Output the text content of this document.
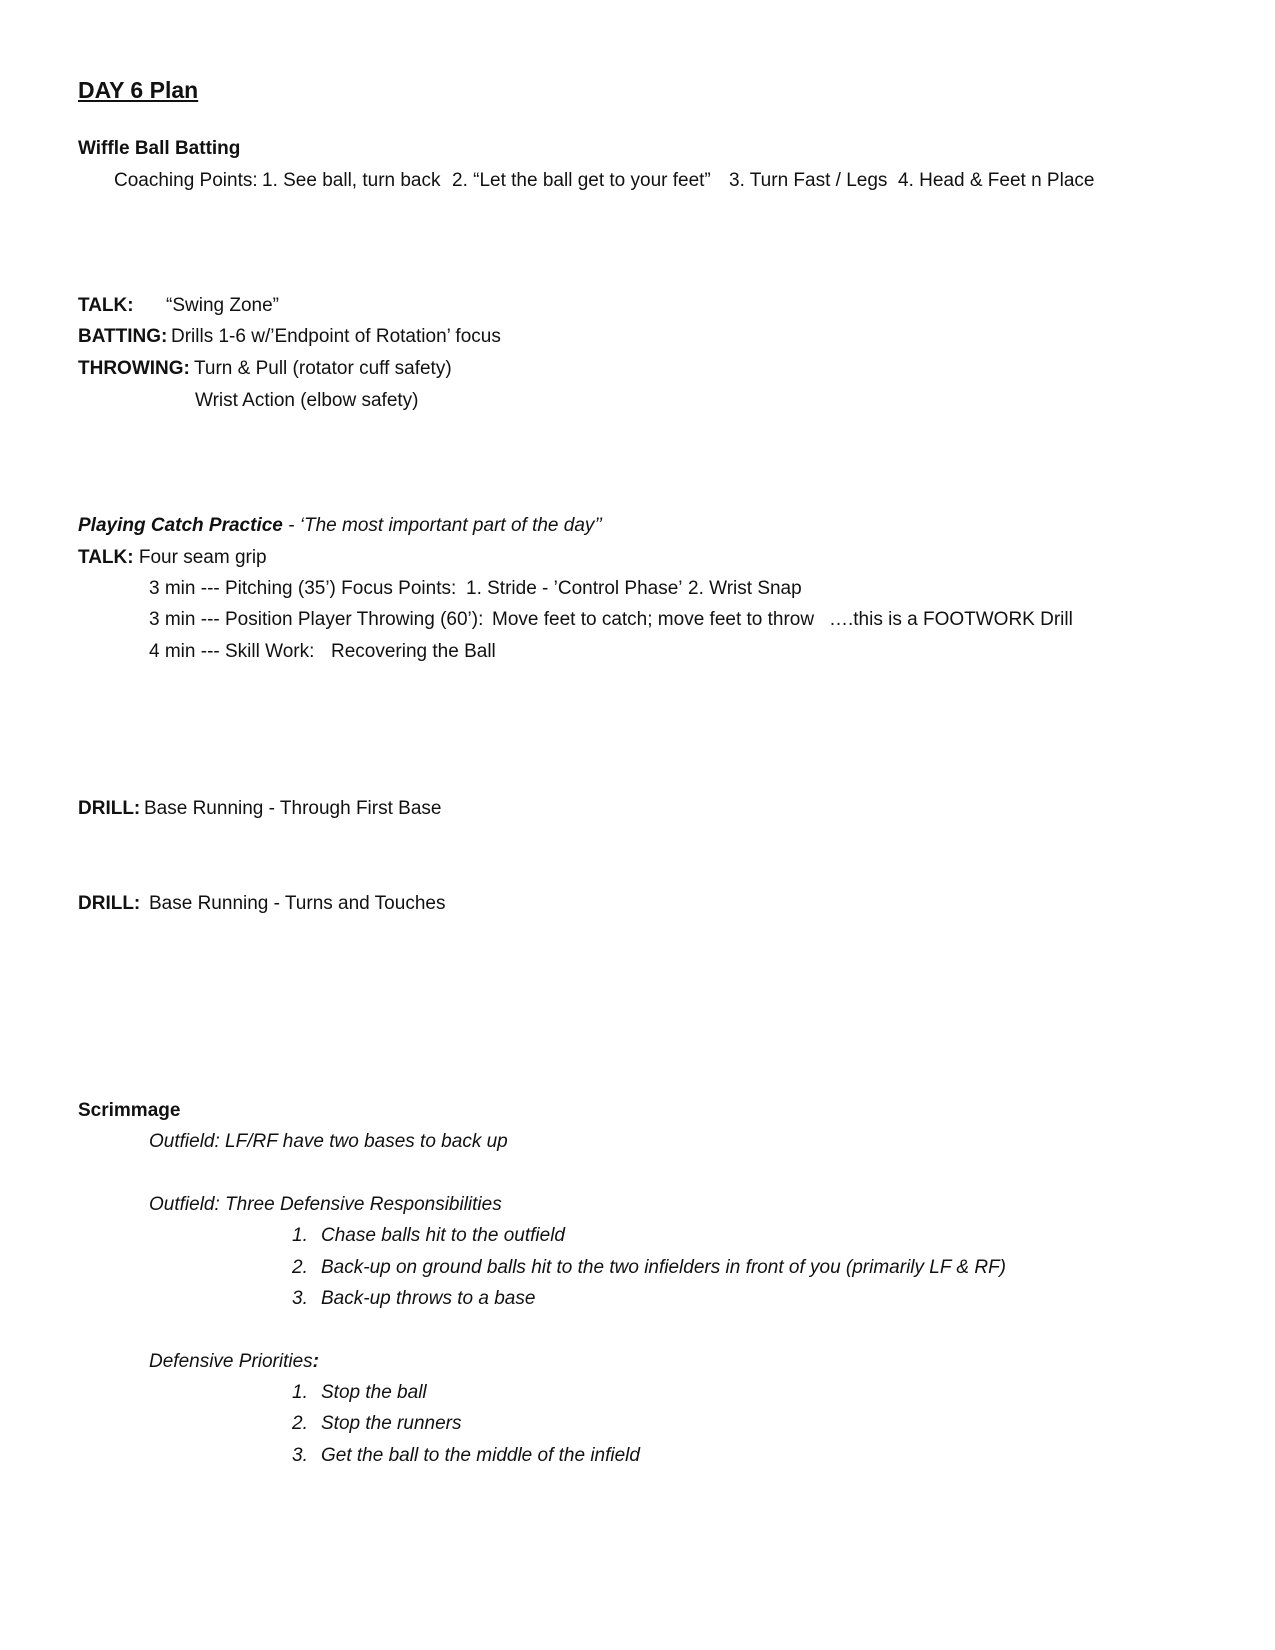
DAY 6 Plan
Wiffle Ball Batting
Coaching Points: 1. See ball, turn back 2. “Let the ball get to your feet” 3. Turn Fast / Legs 4. Head & Feet n Place
TALK: “Swing Zone”
BATTING: Drills 1-6 w/’Endpoint of Rotation’ focus
THROWING: Turn & Pull (rotator cuff safety)
Wrist Action (elbow safety)
Playing Catch Practice - ‘The most important part of the day’’
TALK: Four seam grip
3 min --- Pitching (35’) Focus Points: 1. Stride - ’Control Phase’ 2. Wrist Snap
3 min --- Position Player Throwing (60’): Move feet to catch; move feet to throw ….this is a FOOTWORK Drill
4 min --- Skill Work: Recovering the Ball
DRILL: Base Running - Through First Base
DRILL: Base Running - Turns and Touches
Scrimmage
Outfield: LF/RF have two bases to back up
Outfield: Three Defensive Responsibilities
1. Chase balls hit to the outfield
2. Back-up on ground balls hit to the two infielders in front of you (primarily LF & RF)
3. Back-up throws to a base
Defensive Priorities:
1. Stop the ball
2. Stop the runners
3. Get the ball to the middle of the infield
